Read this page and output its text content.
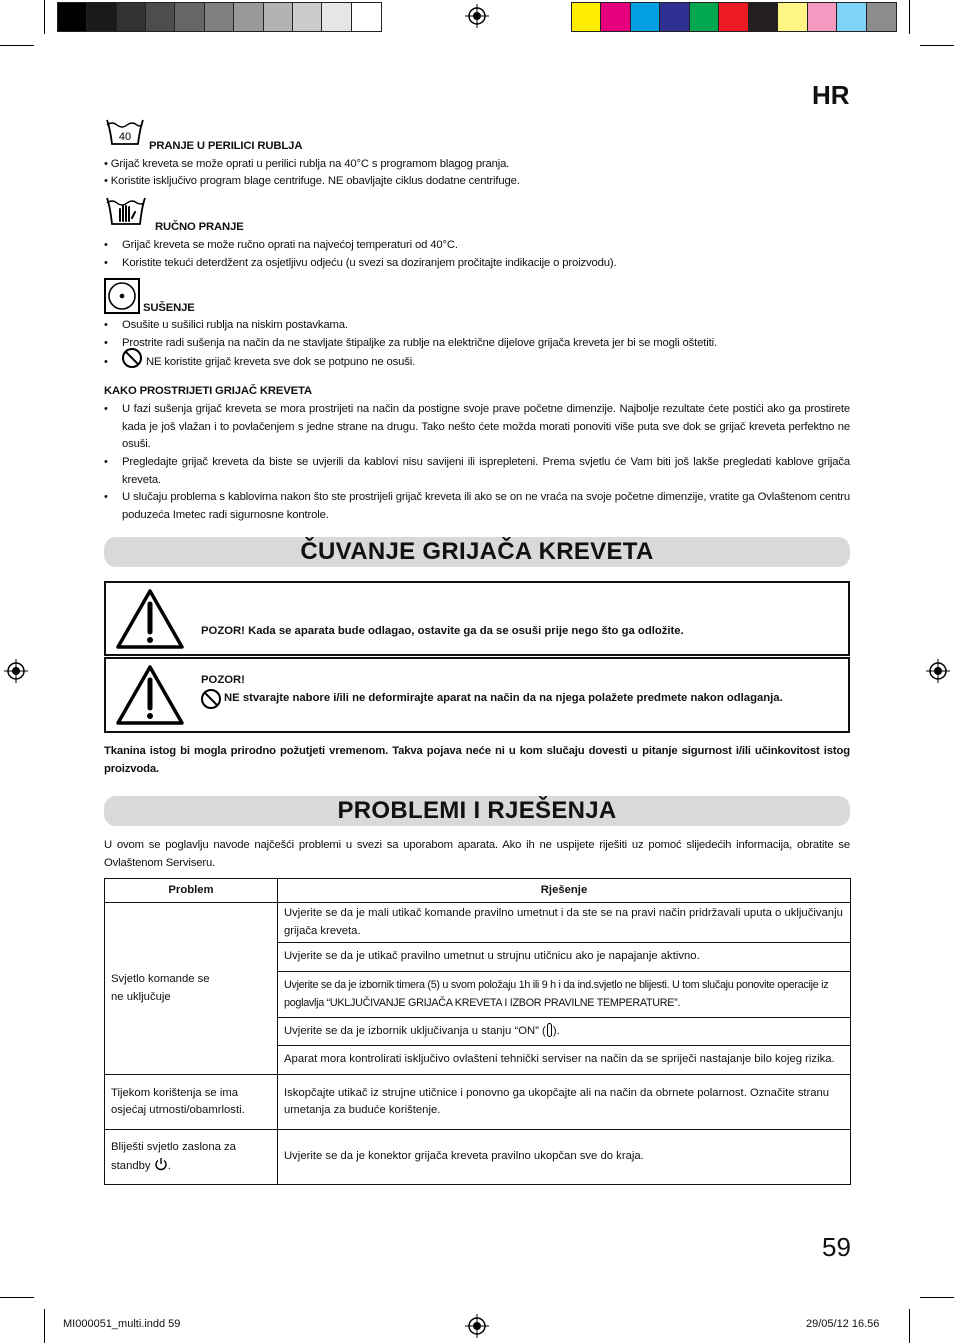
HR
40
PRANJE U PERILICI RUBLJA
• Grijač kreveta se može oprati u perilici rublja na 40°C s programom blagog pranja.
• Koristite isključivo program blage centrifuge. NE obavljajte ciklus dodatne centrifuge.
RUČNO PRANJE
• Grijač kreveta se može ručno oprati na najvećoj temperaturi od 40°C.
• Koristite tekući deterdžent za osjetljivu odjeću (u svezi sa doziranjem pročitajte indikacije o proizvodu).
SUŠENJE
• Osušite u sušilici rublja na niskim postavkama.
• Prostrite radi sušenja na način da ne stavljate štipaljke za rublje na električne dijelove grijača kreveta jer bi se mogli oštetiti.
•	NE koristite grijač kreveta sve dok se potpuno ne osuši.
KAKO PROSTRIJETI GRIJAČ KREVETA
• U fazi sušenja grijač kreveta se mora prostrijeti na način da postigne svoje prave početne dimenzije. Najbolje rezultate ćete postići ako ga prostirete kada je još vlažan i to povlačenjem s jedne strane na drugu. Tako nešto ćete možda morati ponoviti više puta sve dok se grijač kreveta perfektno ne osuši.
• Pregledajte grijač kreveta da biste se uvjerili da kablovi nisu savijeni ili isprepleteni. Prema svjetlu će Vam biti još lakše pregledati kablove grijača kreveta.
• U slučaju problema s kablovima nakon što ste prostrijeli grijač kreveta ili ako se on ne vraća na svoje početne dimenzije, vratite ga Ovlaštenom centru poduzeća Imetec radi sigurnosne kontrole.
ČUVANJE GRIJAČA KREVETA
POZOR! Kada se aparata bude odlagao, ostavite ga da se osuši prije nego što ga odložite.
POZOR!
NE stvarajte nabore i/ili ne deformirajte aparat na način da na njega polažete predmete nakon odlaganja.
Tkanina istog bi mogla prirodno požutjeti vremenom. Takva pojava neće ni u kom slučaju dovesti u pitanje sigurnost i/ili učinkovitost istog proizvoda.
PROBLEMI I RJEŠENJA
U ovom se poglavlju navode najčešći problemi u svezi sa uporabom aparata. Ako ih ne uspijete riješiti uz pomoć slijedećih informacija, obratite se Ovlaštenom Serviseru.
Problem	Rješenje

Svjetlo komande se ne uključuje	Uvjerite se da je mali utikač komande pravilno umetnut i da ste se na pravi način pridržavali uputa o uključivanju grijača kreveta.
	Uvjerite se da je utikač pravilno umetnut u strujnu utičnicu ako je napajanje aktivno.
	Uvjerite se da je izbornik timera (5) u svom položaju 1h ili 9 h i da ind.svjetlo ne blijesti. U tom slučaju ponovite operacije iz poglavlja “UKLJUČIVANJE GRIJAČA KREVETA I IZBOR PRAVILNE TEMPERATURE”.
	Uvjerite se da je izbornik uključivanja u stanju “ON” ( ).
	Aparat mora kontrolirati isključivo ovlašteni tehnički serviser na način da se spriječi nastajanje bilo kojeg rizika.
Tijekom korištenja se ima osjećaj utrnosti/obamrlosti.	Iskopčajte utikač iz strujne utičnice i ponovno ga ukopčajte ali na način da obrnete polarnost. Označite stranu umetanja za buduće korištenje.
Bliješti svjetlo zaslona za standby .	Uvjerite se da je konektor grijača kreveta pravilno ukopčan sve do kraja.
59
MI000051_multi.indd 59	29/05/12 16.56
